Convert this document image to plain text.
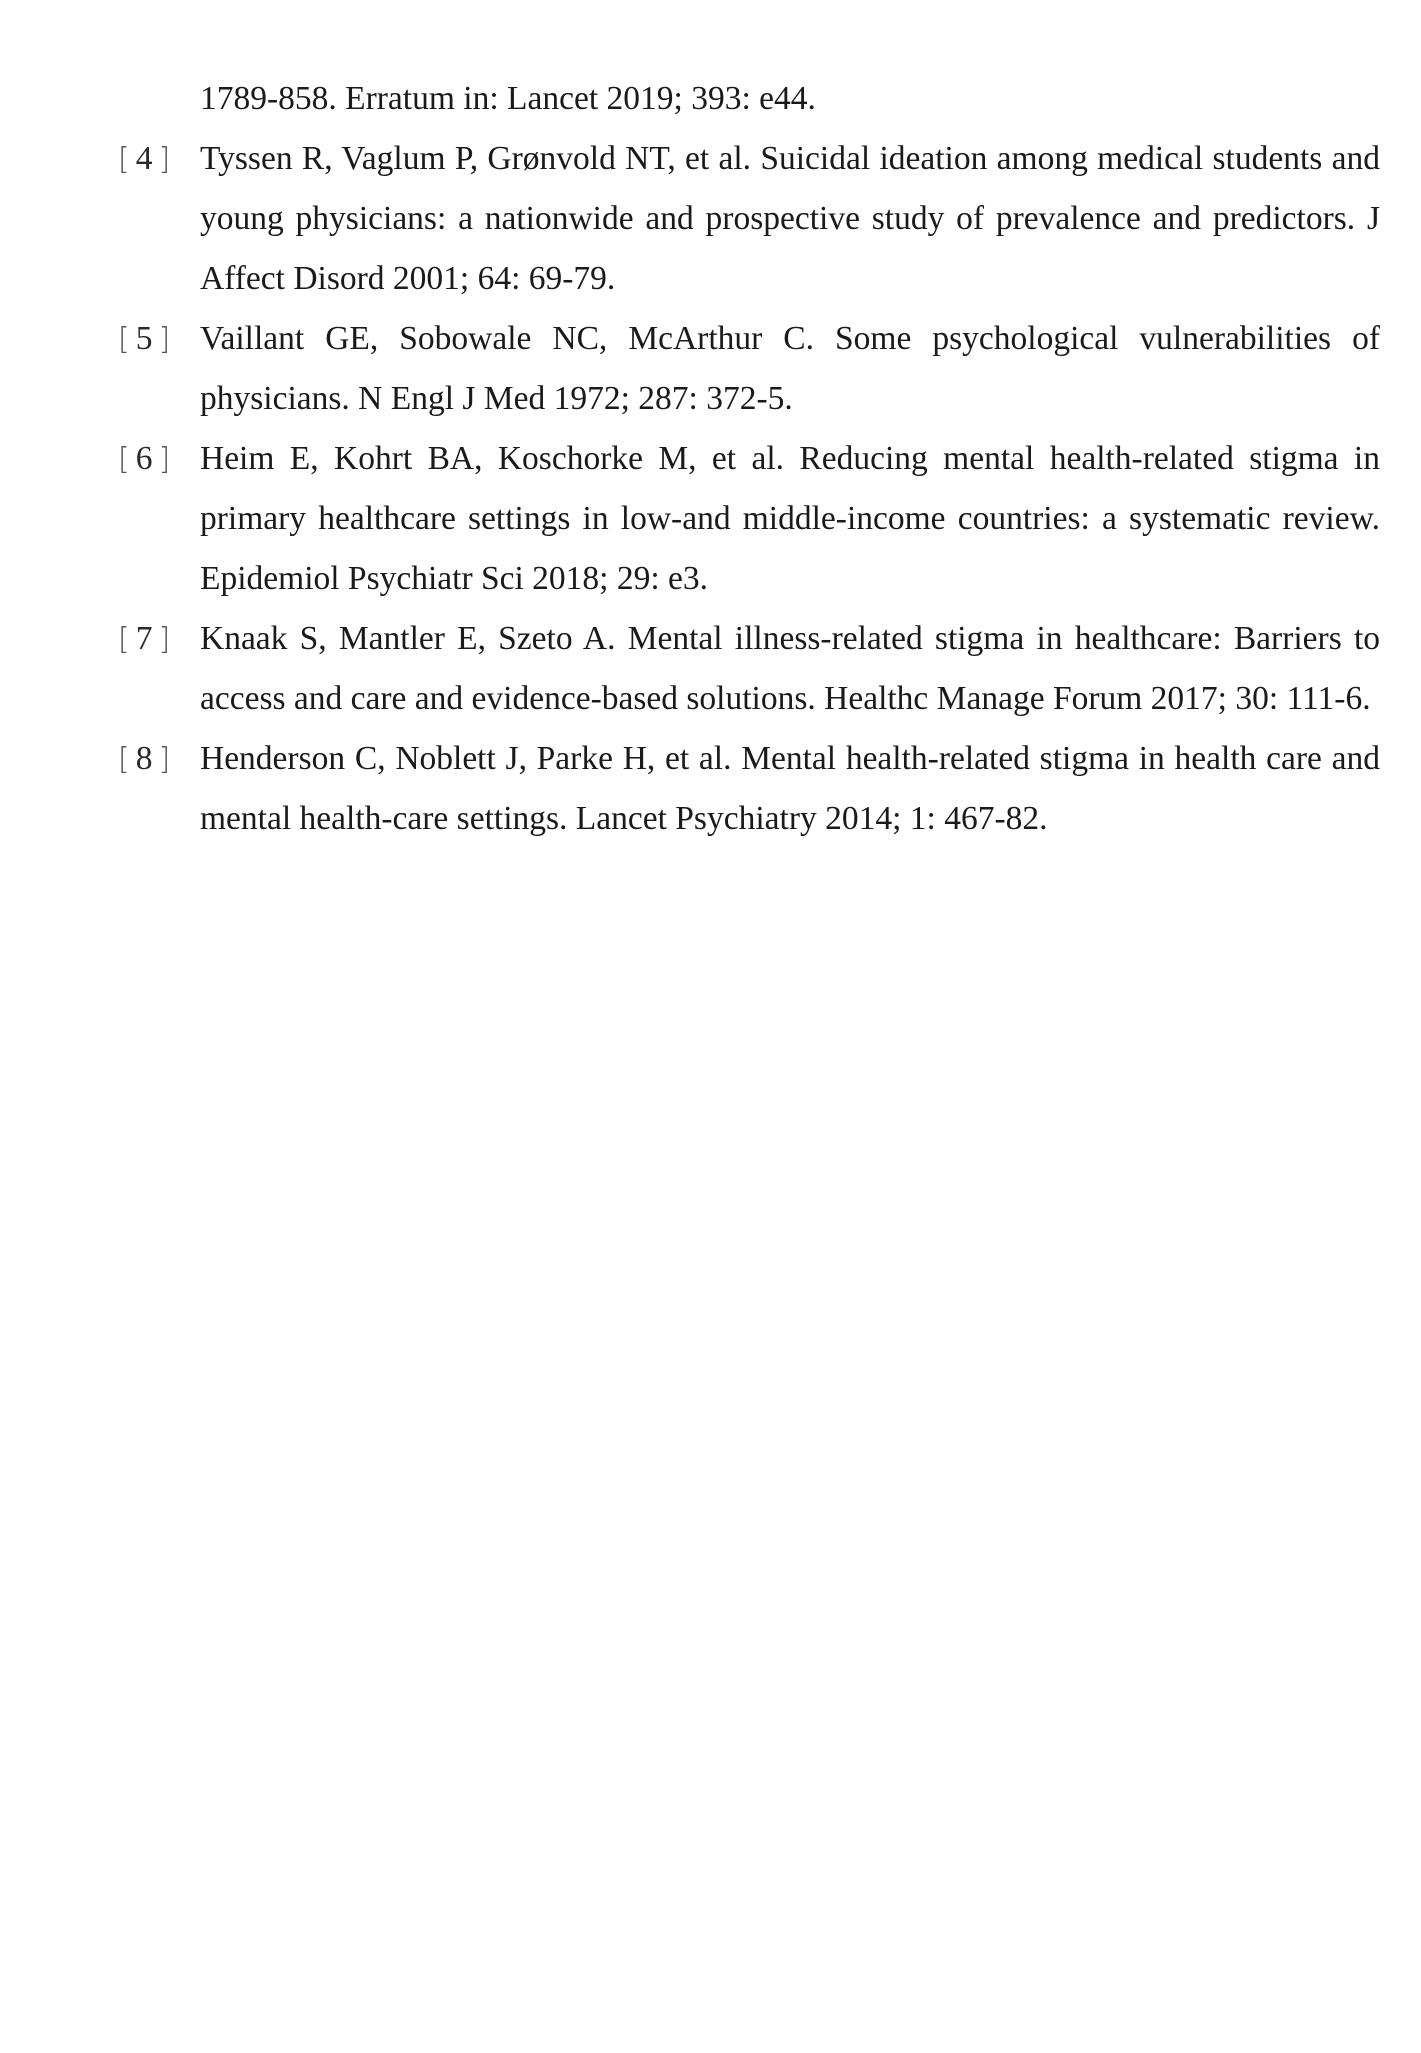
1789-858. Erratum in: Lancet 2019; 393: e44.
[ 4 ] Tyssen R, Vaglum P, Grønvold NT, et al. Suicidal ideation among medical students and young physicians: a nationwide and prospective study of prevalence and predictors. J Affect Disord 2001; 64: 69-79.
[ 5 ] Vaillant GE, Sobowale NC, McArthur C. Some psychological vulnerabilities of physicians. N Engl J Med 1972; 287: 372-5.
[ 6 ] Heim E, Kohrt BA, Koschorke M, et al. Reducing mental health-related stigma in primary healthcare settings in low-and middle-income countries: a systematic review. Epidemiol Psychiatr Sci 2018; 29: e3.
[ 7 ] Knaak S, Mantler E, Szeto A. Mental illness-related stigma in healthcare: Barriers to access and care and evidence-based solutions. Healthc Manage Forum 2017; 30: 111-6.
[ 8 ] Henderson C, Noblett J, Parke H, et al. Mental health-related stigma in health care and mental health-care settings. Lancet Psychiatry 2014; 1: 467-82.
